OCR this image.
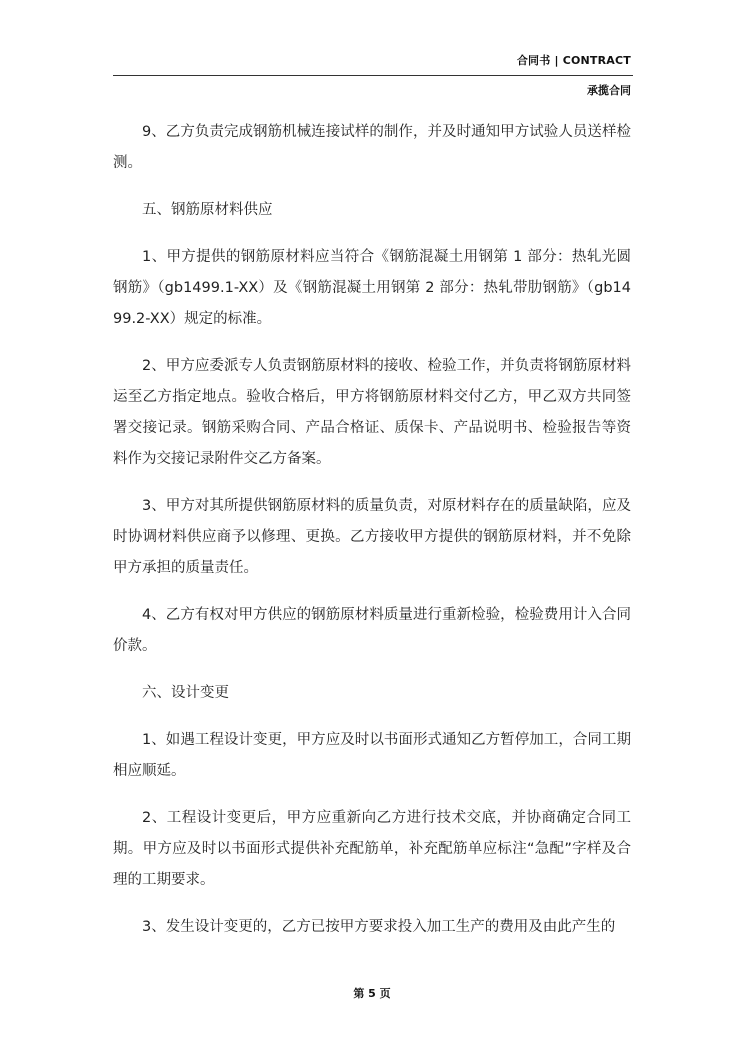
合同书 | CONTRACT
承揽合同

9、乙方负责完成钢筋机械连接试样的制作，并及时通知甲方试验人员送样检测。

五、钢筋原材料供应

1、甲方提供的钢筋原材料应当符合《钢筋混凝土用钢第 1 部分：热轧光圆钢筋》（gb1499.1-XX）及《钢筋混凝土用钢第 2 部分：热轧带肋钢筋》（gb1499.2-XX）规定的标准。

2、甲方应委派专人负责钢筋原材料的接收、检验工作，并负责将钢筋原材料运至乙方指定地点。验收合格后，甲方将钢筋原材料交付乙方，甲乙双方共同签署交接记录。钢筋采购合同、产品合格证、质保卡、产品说明书、检验报告等资料作为交接记录附件交乙方备案。

3、甲方对其所提供钢筋原材料的质量负责，对原材料存在的质量缺陷，应及时协调材料供应商予以修理、更换。乙方接收甲方提供的钢筋原材料，并不免除甲方承担的质量责任。

4、乙方有权对甲方供应的钢筋原材料质量进行重新检验，检验费用计入合同价款。

六、设计变更

1、如遇工程设计变更，甲方应及时以书面形式通知乙方暂停加工，合同工期相应顺延。

2、工程设计变更后，甲方应重新向乙方进行技术交底，并协商确定合同工期。甲方应及时以书面形式提供补充配筋单，补充配筋单应标注“急配”字样及合理的工期要求。

3、发生设计变更的，乙方已按甲方要求投入加工生产的费用及由此产生的

第 5 页
